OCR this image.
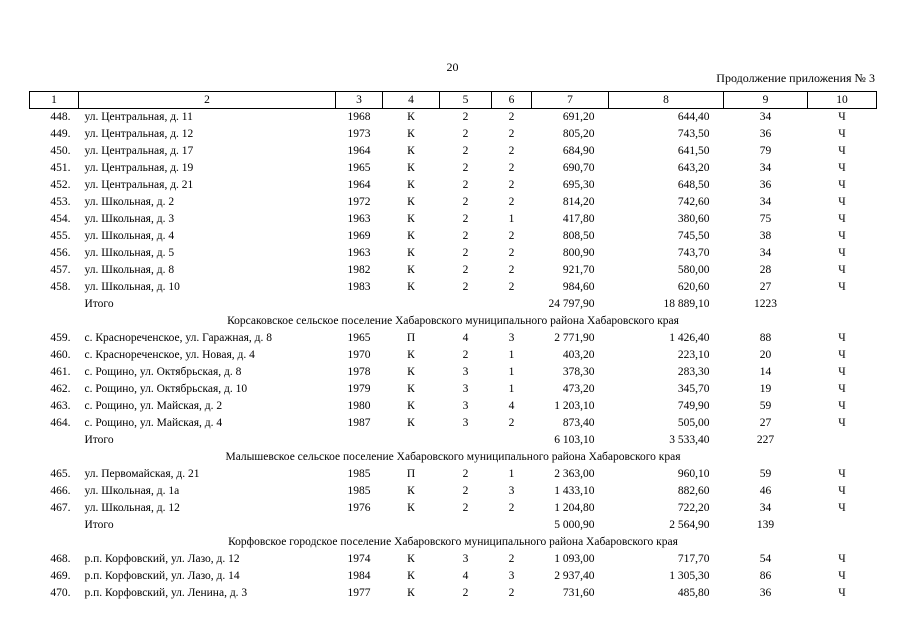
20
Продолжение приложения № 3
1	2	3	4	5	6	7	8	9	10
448.	ул. Центральная, д. 11	1968	К	2	2	691,20	644,40	34	Ч
449.	ул. Центральная, д. 12	1973	К	2	2	805,20	743,50	36	Ч
450.	ул. Центральная, д. 17	1964	К	2	2	684,90	641,50	79	Ч
451.	ул. Центральная, д. 19	1965	К	2	2	690,70	643,20	34	Ч
452.	ул. Центральная, д. 21	1964	К	2	2	695,30	648,50	36	Ч
453.	ул. Школьная, д. 2	1972	К	2	2	814,20	742,60	34	Ч
454.	ул. Школьная, д. 3	1963	К	2	1	417,80	380,60	75	Ч
455.	ул. Школьная, д. 4	1969	К	2	2	808,50	745,50	38	Ч
456.	ул. Школьная, д. 5	1963	К	2	2	800,90	743,70	34	Ч
457.	ул. Школьная, д. 8	1982	К	2	2	921,70	580,00	28	Ч
458.	ул. Школьная, д. 10	1983	К	2	2	984,60	620,60	27	Ч
	Итого					24 797,90	18 889,10	1223	
Корсаковское сельское поселение Хабаровского муниципального района Хабаровского края									
459.	с. Краснореченское, ул. Гаражная, д. 8	1965	П	4	3	2 771,90	1 426,40	88	Ч
460.	с. Краснореченское, ул. Новая, д. 4	1970	К	2	1	403,20	223,10	20	Ч
461.	с. Рощино, ул. Октябрьская, д. 8	1978	К	3	1	378,30	283,30	14	Ч
462.	с. Рощино, ул. Октябрьская, д. 10	1979	К	3	1	473,20	345,70	19	Ч
463.	с. Рощино, ул. Майская, д. 2	1980	К	3	4	1 203,10	749,90	59	Ч
464.	с. Рощино, ул. Майская, д. 4	1987	К	3	2	873,40	505,00	27	Ч
	Итого					6 103,10	3 533,40	227	
Малышевское сельское поселение Хабаровского муниципального района Хабаровского края									
465.	ул. Первомайская, д. 21	1985	П	2	1	2 363,00	960,10	59	Ч
466.	ул. Школьная, д. 1а	1985	К	2	3	1 433,10	882,60	46	Ч
467.	ул. Школьная, д. 12	1976	К	2	2	1 204,80	722,20	34	Ч
	Итого					5 000,90	2 564,90	139	
Корфовское городское поселение Хабаровского муниципального района Хабаровского края									
468.	р.п. Корфовский, ул. Лазо, д. 12	1974	К	3	2	1 093,00	717,70	54	Ч
469.	р.п. Корфовский, ул. Лазо, д. 14	1984	К	4	3	2 937,40	1 305,30	86	Ч
470.	р.п. Корфовский, ул. Ленина, д. 3	1977	К	2	2	731,60	485,80	36	Ч
